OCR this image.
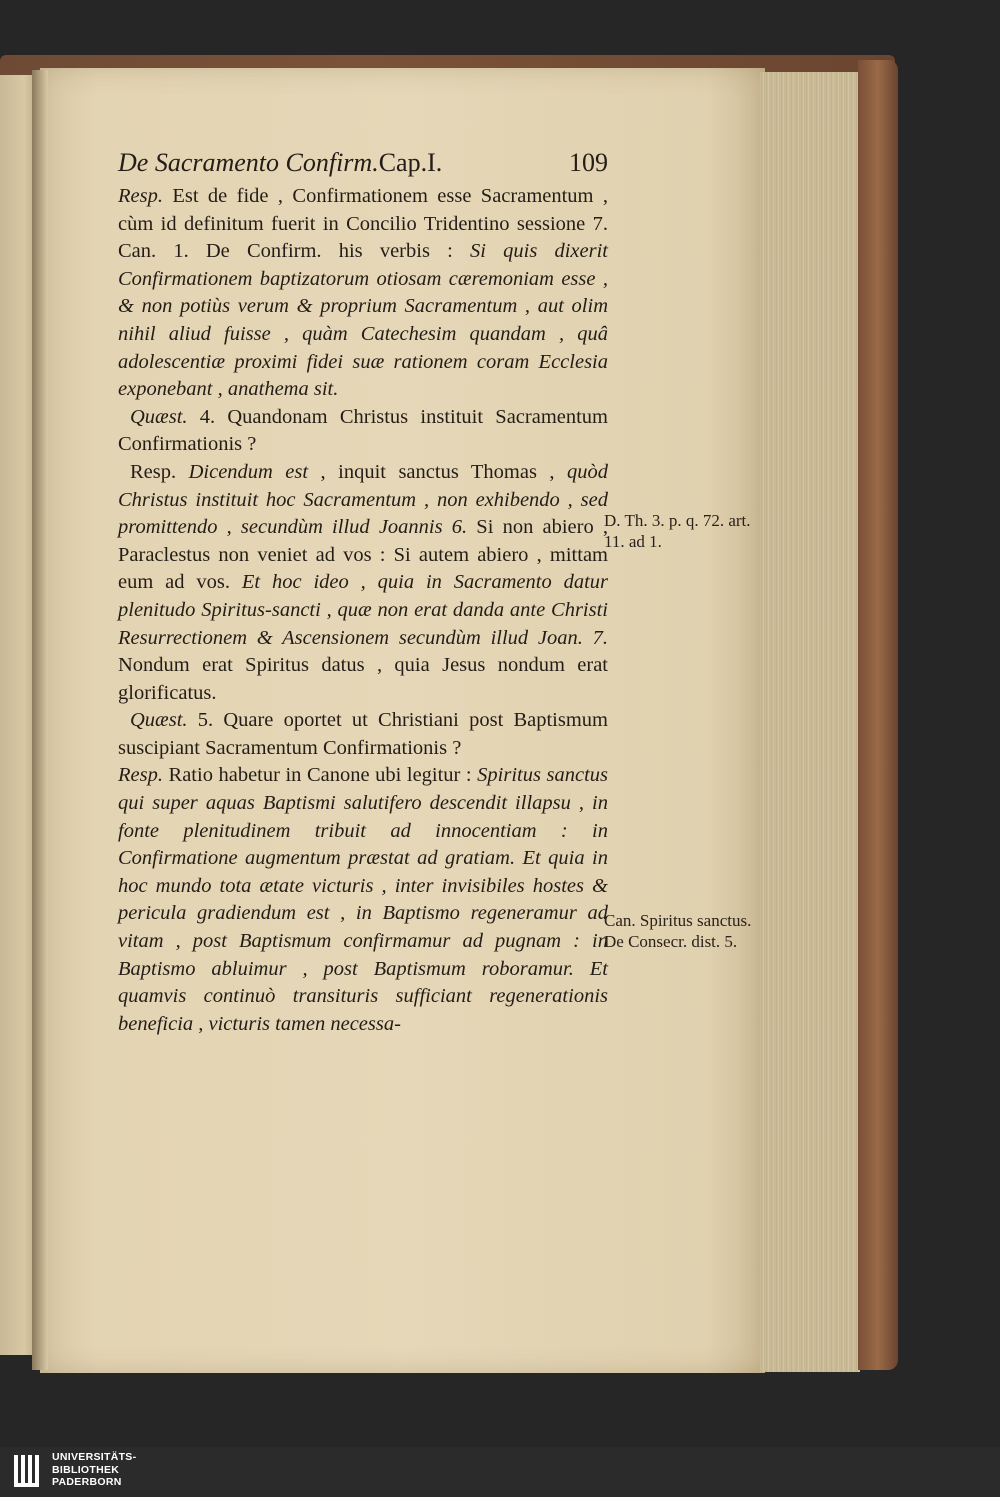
De Sacramento Confirm.Cap.I.	109

Resp. Est de fide , Confirmationem esse Sacramentum , cùm id definitum fuerit in Concilio Tridentino sessione 7. Can. 1. De Confirm. his verbis : Si quis dixerit Confirmationem baptizatorum otiosam cæremoniam esse , & non potiùs verum & proprium Sacramentum , aut olim nihil aliud fuisse , quàm Catechesim quandam , quâ adolescentiæ proximi fidei suæ rationem coram Ecclesia exponebant , anathema sit.

Quæst. 4. Quandonam Christus instituit Sacramentum Confirmationis ?

Resp. Dicendum est , inquit sanctus Thomas , quòd Christus instituit hoc Sacramentum , non exhibendo , sed promittendo , secundùm illud Joannis 6. Si non abiero , Paraclestus non veniet ad vos : Si autem abiero , mittam eum ad vos. Et hoc ideo , quia in Sacramento datur plenitudo Spiritus-sancti , quæ non erat danda ante Christi Resurrectionem & Ascensionem secundùm illud Joan. 7. Nondum erat Spiritus datus , quia Jesus nondum erat glorificatus.

Quæst. 5. Quare oportet ut Christiani post Baptismum suscipiant Sacramentum Confirmationis ?

Resp. Ratio habetur in Canone ubi legitur : Spiritus sanctus qui super aquas Baptismi salutifero descendit illapsu , in fonte plenitudinem tribuit ad innocentiam : in Confirmatione augmentum præstat ad gratiam. Et quia in hoc mundo tota ætate victuris , inter invisibiles hostes & pericula gradiendum est , in Baptismo regeneramur ad vitam , post Baptismum confirmamur ad pugnam : in Baptismo abluimur , post Baptismum roboramur. Et quamvis continuò transituris sufficiant regenerationis beneficia , victuris tamen necessa-

D. Th. 3. p. q. 72. art. 11. ad 1.
Can. Spiritus sanctus. De Consecr. dist. 5.
UNIVERSITÄTS-
BIBLIOTHEK
PADERBORN
